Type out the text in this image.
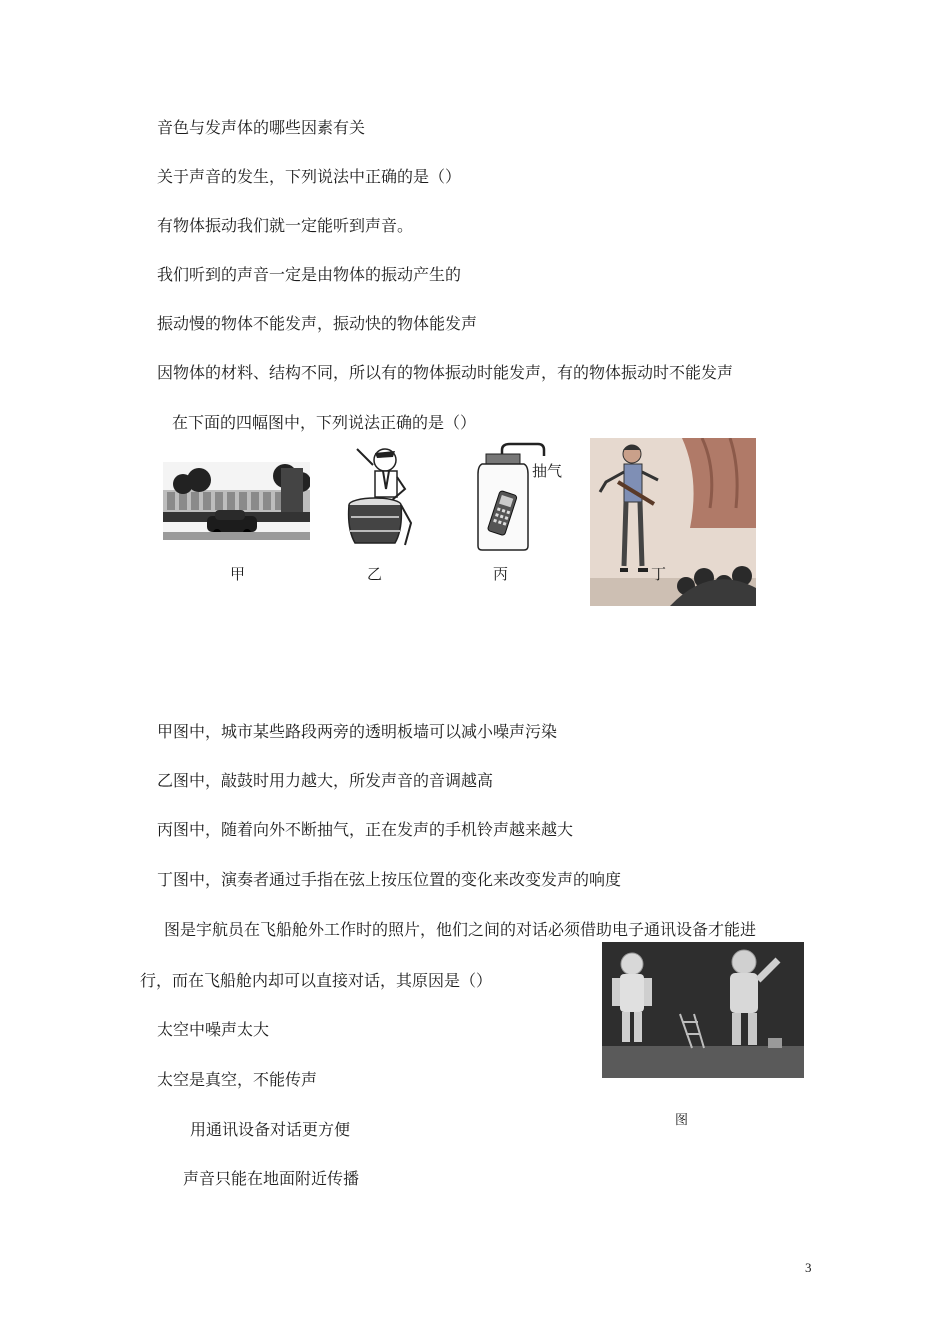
音色与发声体的哪些因素有关
关于声音的发生，下列说法中正确的是（）
有物体振动我们就一定能听到声音。
我们听到的声音一定是由物体的振动产生的
振动慢的物体不能发声，振动快的物体能发声
因物体的材料、结构不同，所以有的物体振动时能发声，有的物体振动时不能发声
在下面的四幅图中，下列说法正确的是（）
甲	乙
抽气
丙	丁
甲图中，城市某些路段两旁的透明板墙可以减小噪声污染
乙图中，敲鼓时用力越大，所发声音的音调越高
丙图中，随着向外不断抽气，正在发声的手机铃声越来越大
丁图中，演奏者通过手指在弦上按压位置的变化来改变发声的响度
图是宇航员在飞船舱外工作时的照片，他们之间的对话必须借助电子通讯设备才能进
行，而在飞船舱内却可以直接对话，其原因是（）
太空中噪声太大
太空是真空，不能传声
用通讯设备对话更方便
声音只能在地面附近传播
图
3
